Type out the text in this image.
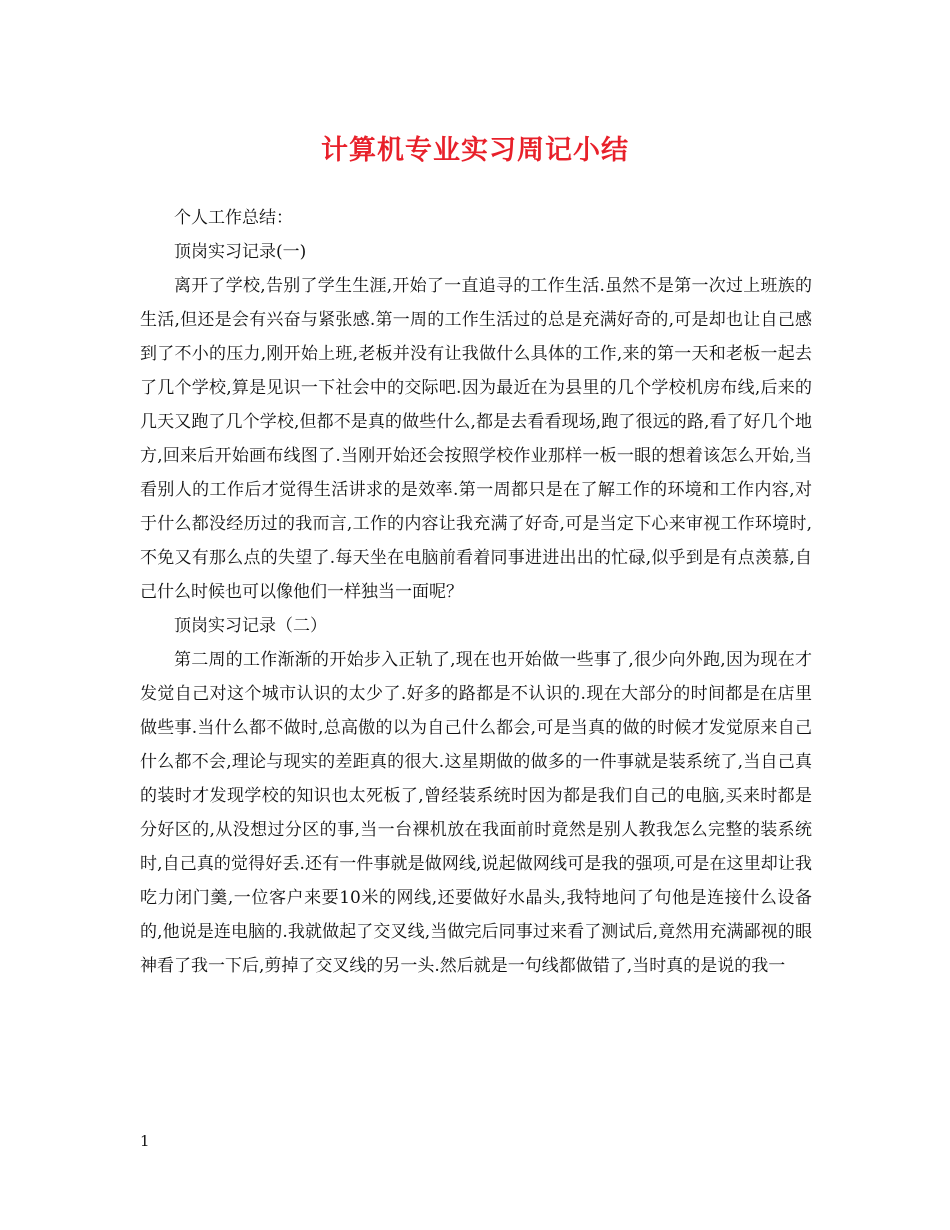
计算机专业实习周记小结

个人工作总结：

顶岗实习记录(一)

离开了学校,告别了学生生涯,开始了一直追寻的工作生活.虽然不是第一次过上班族的生活,但还是会有兴奋与紧张感.第一周的工作生活过的总是充满好奇的,可是却也让自己感到了不小的压力,刚开始上班,老板并没有让我做什么具体的工作,来的第一天和老板一起去了几个学校,算是见识一下社会中的交际吧.因为最近在为县里的几个学校机房布线,后来的几天又跑了几个学校,但都不是真的做些什么,都是去看看现场,跑了很远的路,看了好几个地方,回来后开始画布线图了.当刚开始还会按照学校作业那样一板一眼的想着该怎么开始,当看别人的工作后才觉得生活讲求的是效率.第一周都只是在了解工作的环境和工作内容,对于什么都没经历过的我而言,工作的内容让我充满了好奇,可是当定下心来审视工作环境时,不免又有那么点的失望了.每天坐在电脑前看着同事进进出出的忙碌,似乎到是有点羡慕,自己什么时候也可以像他们一样独当一面呢？

顶岗实习记录（二）

第二周的工作渐渐的开始步入正轨了,现在也开始做一些事了,很少向外跑,因为现在才发觉自己对这个城市认识的太少了.好多的路都是不认识的.现在大部分的时间都是在店里做些事.当什么都不做时,总高傲的以为自己什么都会,可是当真的做的时候才发觉原来自己什么都不会,理论与现实的差距真的很大.这星期做的做多的一件事就是装系统了,当自己真的装时才发现学校的知识也太死板了,曾经装系统时因为都是我们自己的电脑,买来时都是分好区的,从没想过分区的事,当一台裸机放在我面前时竟然是别人教我怎么完整的装系统时,自己真的觉得好丢.还有一件事就是做网线,说起做网线可是我的强项,可是在这里却让我吃力闭门羹,一位客户来要10米的网线,还要做好水晶头,我特地问了句他是连接什么设备的,他说是连电脑的.我就做起了交叉线,当做完后同事过来看了测试后,竟然用充满鄙视的眼神看了我一下后,剪掉了交叉线的另一头.然后就是一句线都做错了,当时真的是说的我一

1
